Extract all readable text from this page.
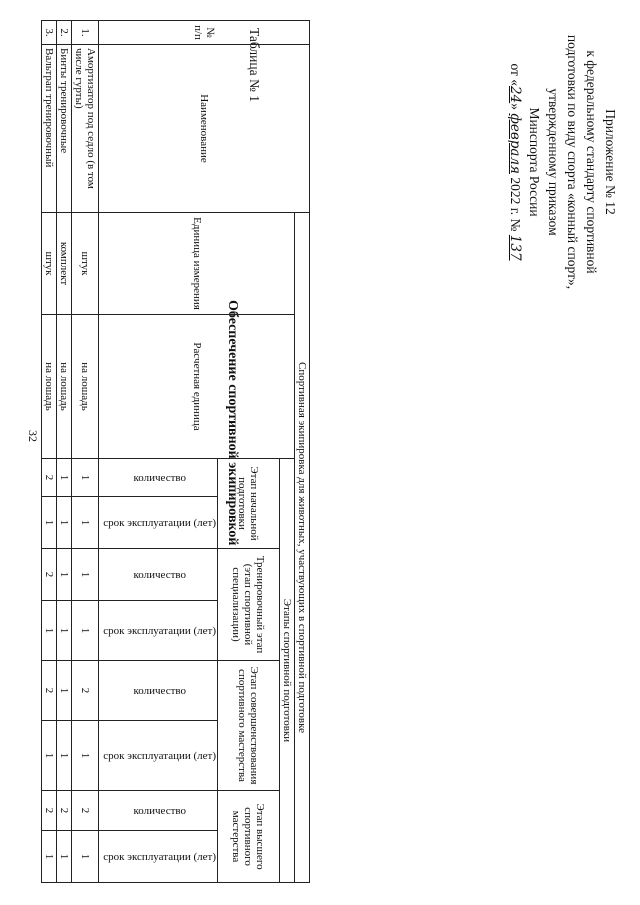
32
Приложение № 12
к федеральному стандарту спортивной
подготовки по виду спорта «конный спорт»,
утвержденному приказом
Минспорта России
от «24» февраля 2022 г. № 137
Таблица № 1
Обеспечение спортивной экипировкой
№ п/п	Наименование	Спортивная экипировка для животных, участвующих в спортивной подготовке									
		Единица измерения	Расчетная единица	Этапы спортивной подготовки							
				Этап начальной подготовки		Тренировочный этап (этап спортивной специализации)		Этап совершенствования спортивного мастерства		Этап высшего спортивного мастерства	
				количество	срок эксплуатации (лет)	количество	срок эксплуатации (лет)	количество	срок эксплуатации (лет)	количество	срок эксплуатации (лет)
1.	Амортизатор под седло (в том числе гурты)	штук	на лошадь	1	1	1	1	2	1	2	1
2.	Бинты тренировочные	комплект	на лошадь	1	1	1	1	1	1	2	1
3.	Вальтрап тренировочный	штук	на лошадь	2	1	2	1	2	1	2	1
